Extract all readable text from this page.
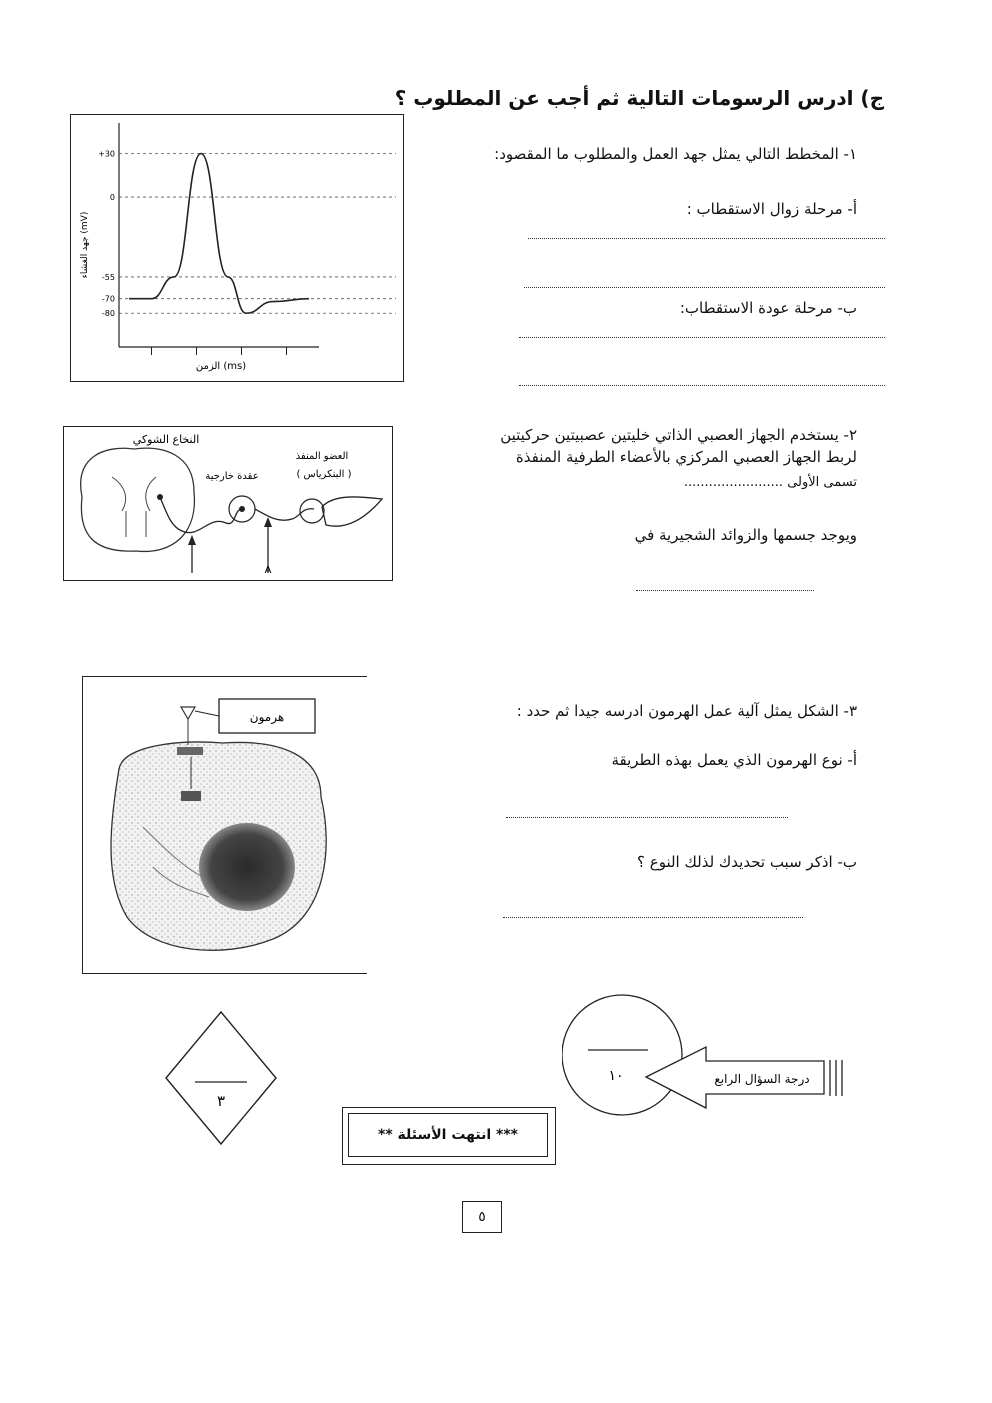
ج) ادرس الرسومات التالية ثم أجب عن المطلوب ؟
١- المخطط التالي يمثل جهد العمل والمطلوب ما المقصود:
أ- مرحلة زوال الاستقطاب :
ب- مرحلة عودة الاستقطاب:
+30
0
-55
-70
-80
الزمن (ms)
جهد الغشاء (mV)
٢- يستخدم الجهاز العصبي الذاتي خليتين عصبيتين حركيتين
لربط الجهاز العصبي المركزي بالأعضاء الطرفية المنفذة
تسمى الأولى ........................
ويوجد جسمها والزوائد الشجيرية في
A
النخاع الشوكي
عقدة خارجية
العضو المنفذ
( البنكرياس )
٣- الشكل يمثل آلية عمل الهرمون ادرسه جيدا ثم حدد :
أ- نوع الهرمون الذي يعمل بهذه الطريقة
ب- اذكر سبب تحديدك لذلك النوع ؟
هرمون
١٠	درجة السؤال الرابع
٣
*** انتهت الأسئلة **
٥
